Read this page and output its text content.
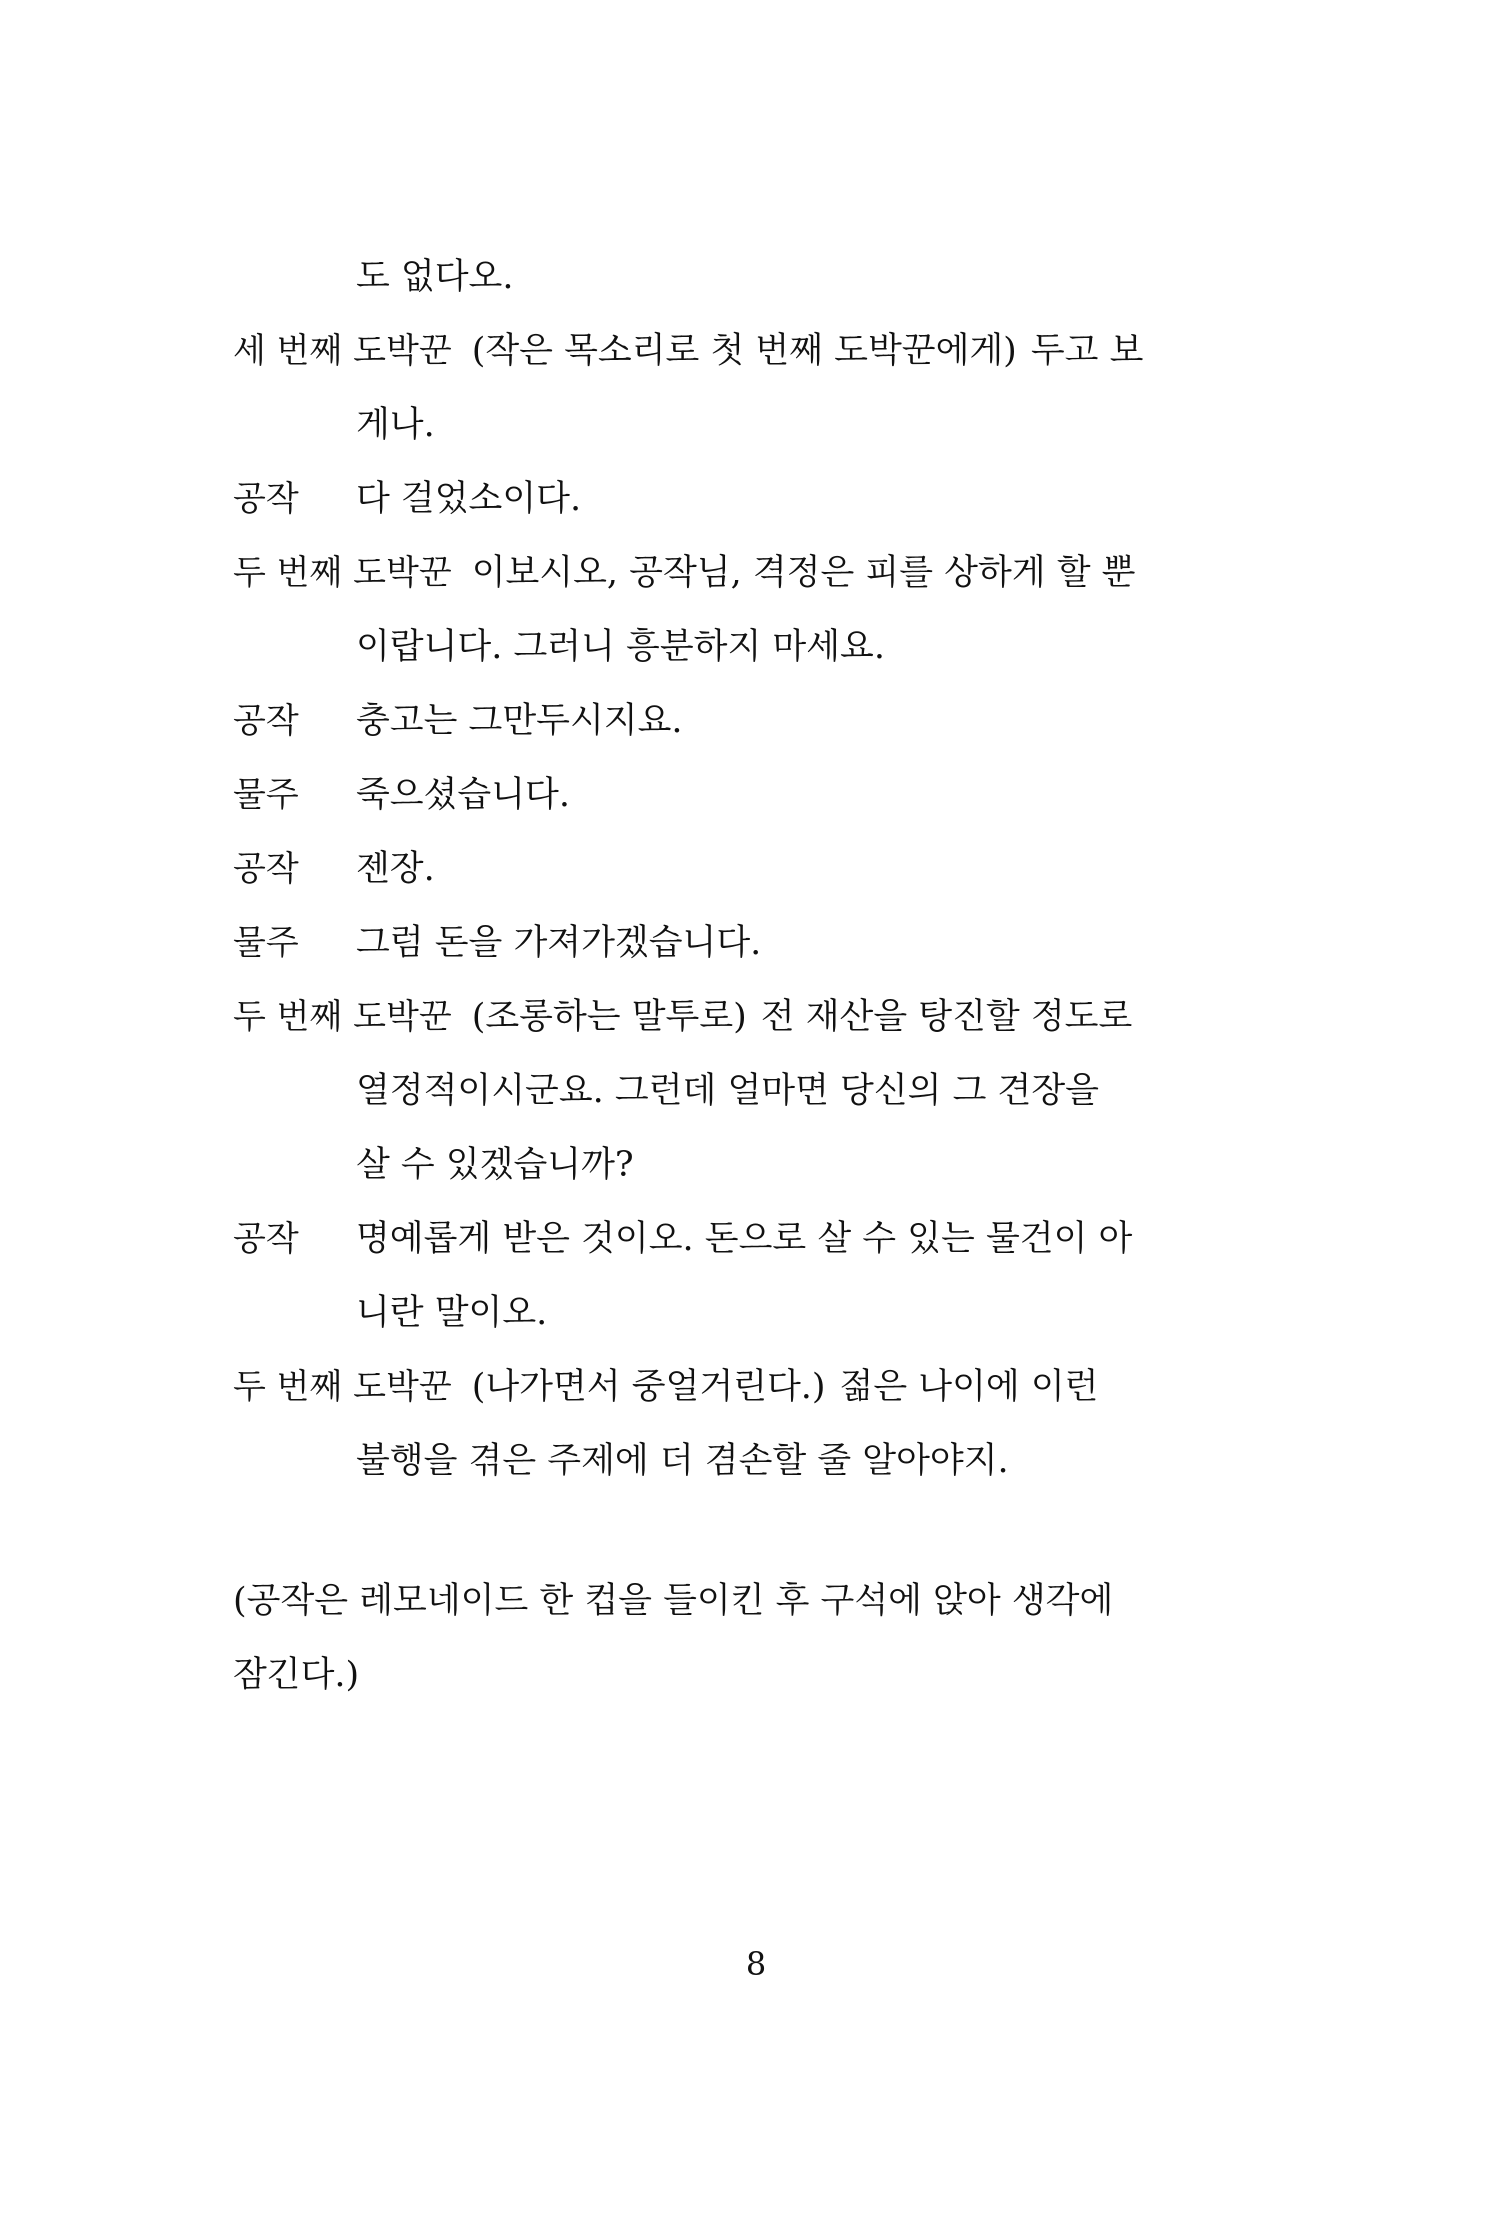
도 없다오.
세 번째 도박꾼 (작은 목소리로 첫 번째 도박꾼에게) 두고 보
게나.
공작 다 걸었소이다.
두 번째 도박꾼 이보시오, 공작님, 격정은 피를 상하게 할 뿐
이랍니다. 그러니 흥분하지 마세요.
공작 충고는 그만두시지요.
물주 죽으셨습니다.
공작 젠장.
물주 그럼 돈을 가져가겠습니다.
두 번째 도박꾼 (조롱하는 말투로) 전 재산을 탕진할 정도로
열정적이시군요. 그런데 얼마면 당신의 그 견장을
살 수 있겠습니까?
공작 명예롭게 받은 것이오. 돈으로 살 수 있는 물건이 아
니란 말이오.
두 번째 도박꾼 (나가면서 중얼거린다.) 젊은 나이에 이런
불행을 겪은 주제에 더 겸손할 줄 알아야지.
(공작은 레모네이드 한 컵을 들이킨 후 구석에 앉아 생각에
잠긴다.)
8
